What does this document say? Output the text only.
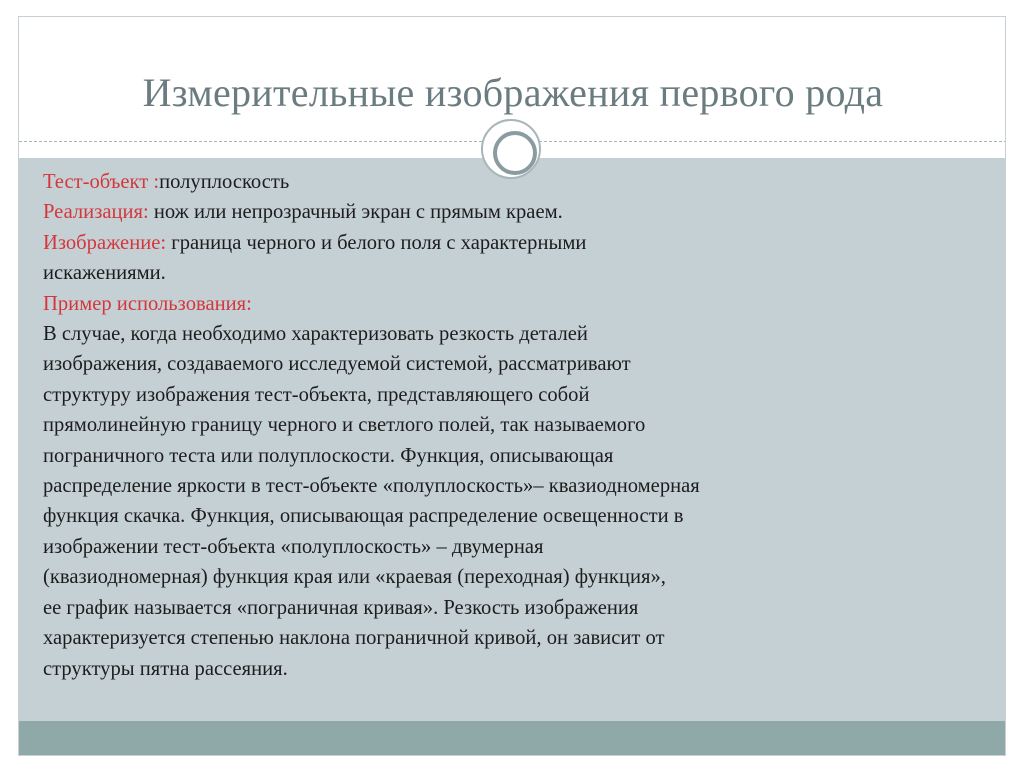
Измерительные изображения первого рода

Тест-объект :полуплоскость

Реализация: нож или непрозрачный экран с прямым краем.

Изображение: граница черного и белого поля с характерными

искажениями.

Пример использования:

В случае, когда необходимо характеризовать резкость деталей

изображения, создаваемого исследуемой системой, рассматривают

структуру изображения тест-объекта, представляющего собой

прямолинейную границу черного и светлого полей, так называемого

пограничного теста или полуплоскости. Функция, описывающая

распределение яркости в тест-объекте «полуплоскость»– квазиодномерная

функция скачка. Функция, описывающая распределение освещенности в

изображении тест-объекта «полуплоскость» – двумерная

(квазиодномерная) функция края или «краевая (переходная) функция»,

ее график называется «пограничная кривая». Резкость изображения

характеризуется степенью наклона пограничной кривой, он зависит от

структуры пятна рассеяния.
